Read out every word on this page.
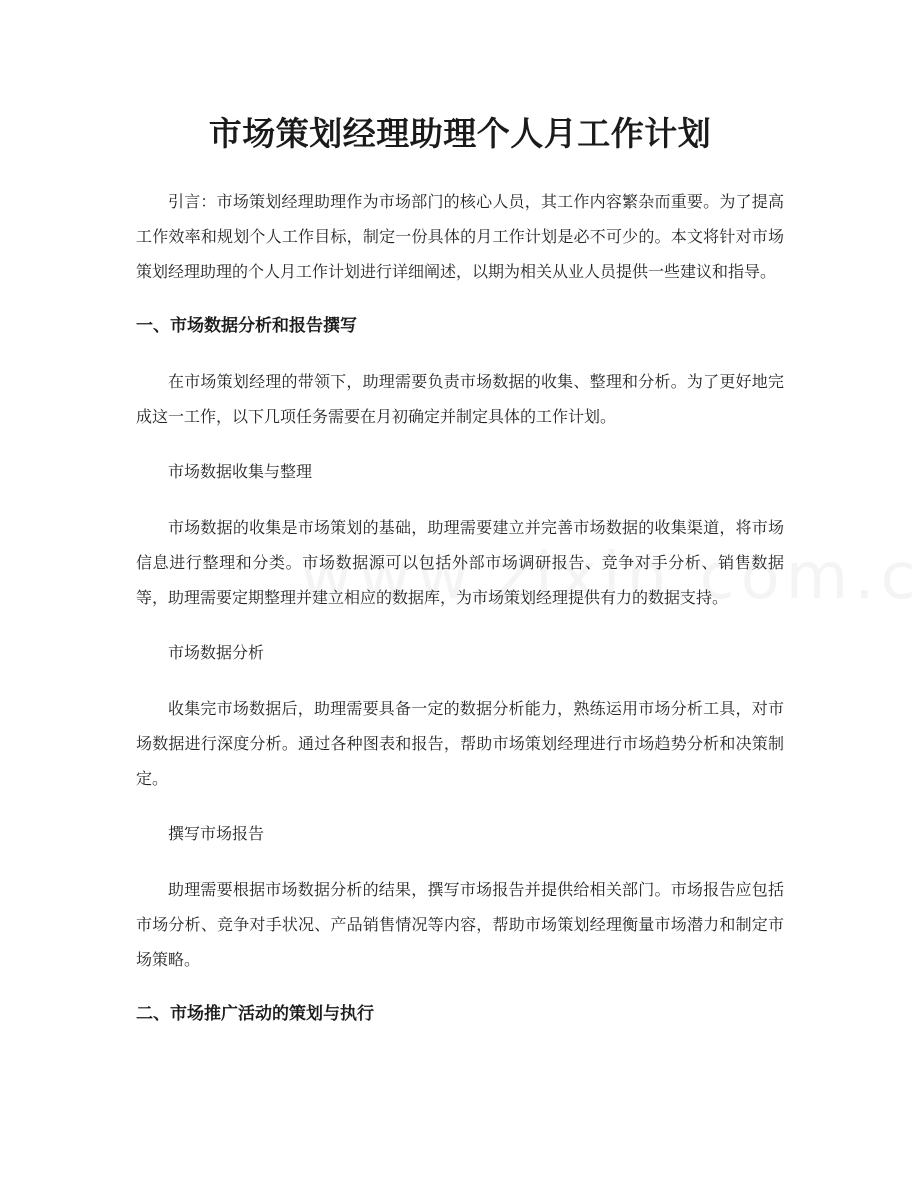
市场策划经理助理个人月工作计划

引言：市场策划经理助理作为市场部门的核心人员，其工作内容繁杂而重要。为了提高工作效率和规划个人工作目标，制定一份具体的月工作计划是必不可少的。本文将针对市场策划经理助理的个人月工作计划进行详细阐述，以期为相关从业人员提供一些建议和指导。

一、市场数据分析和报告撰写

在市场策划经理的带领下，助理需要负责市场数据的收集、整理和分析。为了更好地完成这一工作，以下几项任务需要在月初确定并制定具体的工作计划。

市场数据收集与整理

市场数据的收集是市场策划的基础，助理需要建立并完善市场数据的收集渠道，将市场信息进行整理和分类。市场数据源可以包括外部市场调研报告、竞争对手分析、销售数据等，助理需要定期整理并建立相应的数据库，为市场策划经理提供有力的数据支持。

市场数据分析

收集完市场数据后，助理需要具备一定的数据分析能力，熟练运用市场分析工具，对市场数据进行深度分析。通过各种图表和报告，帮助市场策划经理进行市场趋势分析和决策制定。

撰写市场报告

助理需要根据市场数据分析的结果，撰写市场报告并提供给相关部门。市场报告应包括市场分析、竞争对手状况、产品销售情况等内容，帮助市场策划经理衡量市场潜力和制定市场策略。

二、市场推广活动的策划与执行
